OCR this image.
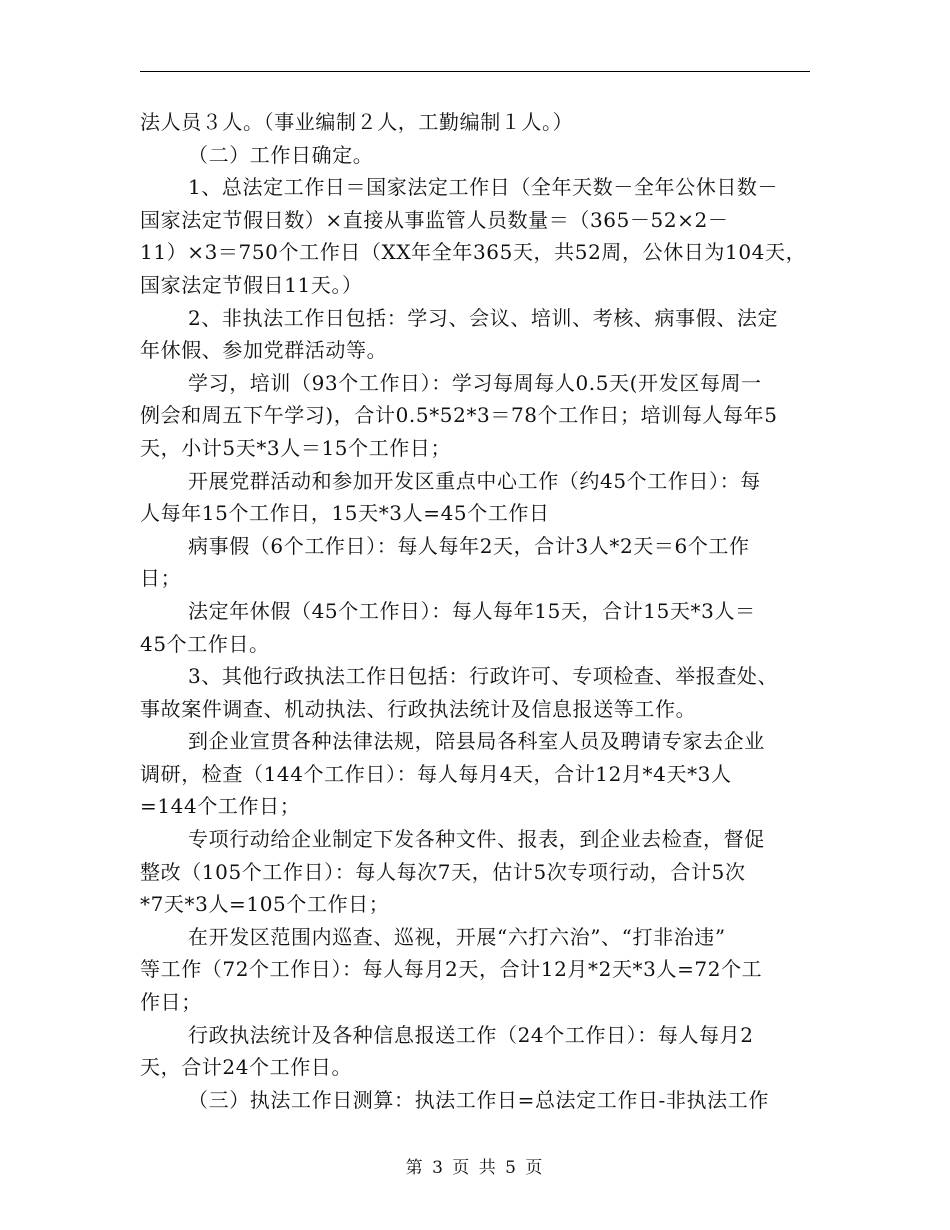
法人员３人。（事业编制２人，工勤编制１人。）
（二）工作日确定。
1、总法定工作日＝国家法定工作日（全年天数－全年公休日数－
国家法定节假日数）×直接从事监管人员数量＝（365－52×2－
11）×3＝750个工作日（XX年全年365天，共52周，公休日为104天，
国家法定节假日11天。）
2、非执法工作日包括：学习、会议、培训、考核、病事假、法定
年休假、参加党群活动等。
学习，培训（93个工作日）：学习每周每人0.5天(开发区每周一
例会和周五下午学习)，合计0.5*52*3＝78个工作日；培训每人每年5
天，小计5天*3人＝15个工作日；
开展党群活动和参加开发区重点中心工作（约45个工作日）：每
人每年15个工作日，15天*3人=45个工作日
病事假（6个工作日）：每人每年2天，合计3人*2天＝6个工作
日；
法定年休假（45个工作日）：每人每年15天，合计15天*3人＝
45个工作日。
3、其他行政执法工作日包括：行政许可、专项检查、举报查处、
事故案件调查、机动执法、行政执法统计及信息报送等工作。
到企业宣贯各种法律法规，陪县局各科室人员及聘请专家去企业
调研，检查（144个工作日）：每人每月4天，合计12月*4天*3人
=144个工作日；
专项行动给企业制定下发各种文件、报表，到企业去检查，督促
整改（105个工作日）：每人每次7天，估计5次专项行动，合计5次
*7天*3人=105个工作日；
在开发区范围内巡查、巡视，开展“六打六治”、“打非治违”
等工作（72个工作日）：每人每月2天，合计12月*2天*3人=72个工
作日；
行政执法统计及各种信息报送工作（24个工作日）：每人每月2
天，合计24个工作日。
（三）执法工作日测算：执法工作日=总法定工作日-非执法工作
第 3 页 共 5 页
